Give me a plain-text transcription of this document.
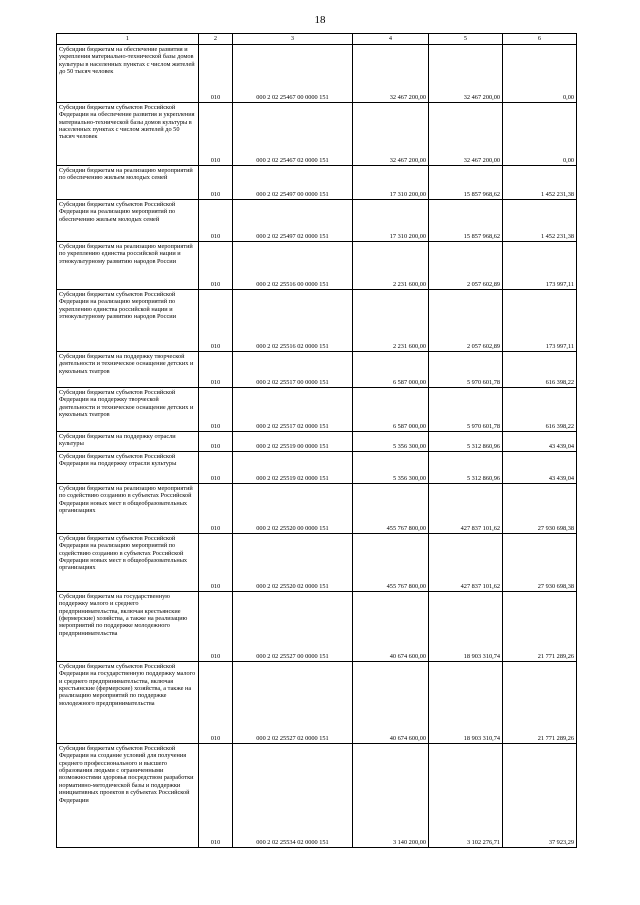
18
1	2	3	4	5	6
Субсидии бюджетам на обеспечение развития и укрепления материально-технической базы домов культуры в населенных пунктах с числом жителей до 50 тысяч человек	010	000 2 02 25467 00 0000 151	32 467 200,00	32 467 200,00	0,00
Субсидии бюджетам субъектов Российской Федерации на обеспечение развития и укрепления материально-технической базы домов культуры в населенных пунктах с числом жителей до 50 тысяч человек	010	000 2 02 25467 02 0000 151	32 467 200,00	32 467 200,00	0,00
Субсидии бюджетам на реализацию мероприятий по обеспечению жильем молодых семей	010	000 2 02 25497 00 0000 151	17 310 200,00	15 857 968,62	1 452 231,38
Субсидии бюджетам субъектов Российской Федерации на реализацию мероприятий по обеспечению жильем молодых семей	010	000 2 02 25497 02 0000 151	17 310 200,00	15 857 968,62	1 452 231,38
Субсидии бюджетам на реализацию мероприятий по укреплению единства российской нации и этнокультурному развитию народов России	010	000 2 02 25516 00 0000 151	2 231 600,00	2 057 602,89	173 997,11
Субсидии бюджетам субъектов Российской Федерации на реализацию мероприятий по укреплению единства российской нации и этнокультурному развитию народов России	010	000 2 02 25516 02 0000 151	2 231 600,00	2 057 602,89	173 997,11
Субсидии бюджетам на поддержку творческой деятельности и техническое оснащение детских и кукольных театров	010	000 2 02 25517 00 0000 151	6 587 000,00	5 970 601,78	616 398,22
Субсидии бюджетам субъектов Российской Федерации на поддержку творческой деятельности и техническое оснащение детских и кукольных театров	010	000 2 02 25517 02 0000 151	6 587 000,00	5 970 601,78	616 398,22
Субсидии бюджетам на поддержку отрасли культуры	010	000 2 02 25519 00 0000 151	5 356 300,00	5 312 860,96	43 439,04
Субсидии бюджетам субъектов Российской Федерации на поддержку отрасли культуры	010	000 2 02 25519 02 0000 151	5 356 300,00	5 312 860,96	43 439,04
Субсидии бюджетам на реализацию мероприятий по содействию созданию в субъектах Российской Федерации новых мест в общеобразовательных организациях	010	000 2 02 25520 00 0000 151	455 767 800,00	427 837 101,62	27 930 698,38
Субсидии бюджетам субъектов Российской Федерации на реализацию мероприятий по содействию созданию в субъектах Российской Федерации новых мест в общеобразовательных организациях	010	000 2 02 25520 02 0000 151	455 767 800,00	427 837 101,62	27 930 698,38
Субсидии бюджетам на государственную поддержку малого и среднего предпринимательства, включая крестьянские (фермерские) хозяйства, а также на реализацию мероприятий по поддержке молодежного предпринимательства	010	000 2 02 25527 00 0000 151	40 674 600,00	18 903 310,74	21 771 289,26
Субсидии бюджетам субъектов Российской Федерации на государственную поддержку малого и среднего предпринимательства, включая крестьянские (фермерские) хозяйства, а также на реализацию мероприятий по поддержке молодежного предпринимательства	010	000 2 02 25527 02 0000 151	40 674 600,00	18 903 310,74	21 771 289,26
Субсидии бюджетам субъектов Российской Федерации на создание условий для получения среднего профессионального и высшего образования людьми с ограниченными возможностями здоровья посредством разработки нормативно-методической базы и поддержки инициативных проектов в субъектах Российской Федерации	010	000 2 02 25534 02 0000 151	3 140 200,00	3 102 276,71	37 923,29
